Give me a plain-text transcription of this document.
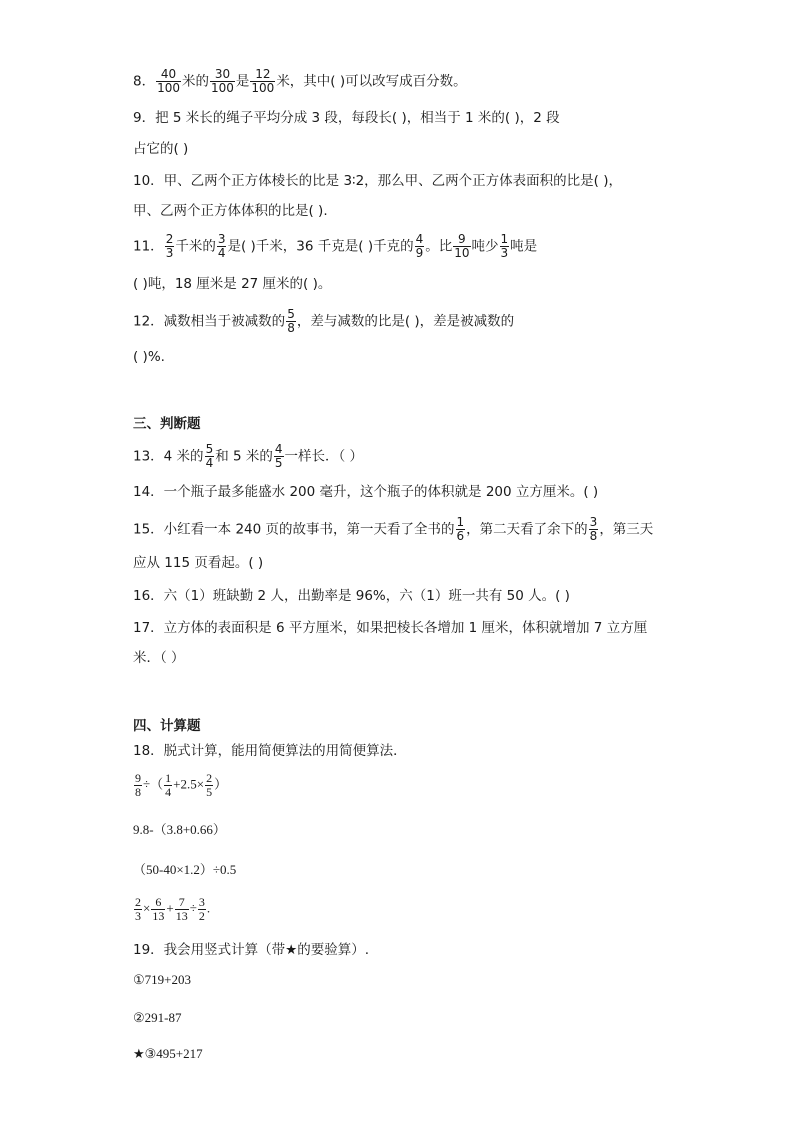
8． $\frac{40}{100}$ 米的 $\frac{30}{100}$ 是 $\frac{12}{100}$ 米，其中( )可以改写成百分数。
9．把 5 米长的绳子平均分成 3 段，每段长( )，相当于 1 米的( )，2 段
占它的( )
10．甲、乙两个正方体棱长的比是 3∶2，那么甲、乙两个正方体表面积的比是( )，
甲、乙两个正方体体积的比是( ).
11． $\frac{2}{3}$ 千米的 $\frac{3}{4}$ 是( )千米，36 千克是( )千克的 $\frac{4}{9}$ 。比 $\frac{9}{10}$ 吨少 $\frac{1}{3}$ 吨是
( )吨，18 厘米是 27 厘米的( )。
12．减数相当于被减数的 $\frac{5}{8}$ ，差与减数的比是( )，差是被减数的
( )%.
三、判断题
13．4 米的 $\frac{5}{4}$ 和 5 米的 $\frac{4}{5}$ 一样长．（ ）
14．一个瓶子最多能盛水 200 毫升，这个瓶子的体积就是 200 立方厘米。( )
15．小红看一本 240 页的故事书，第一天看了全书的 $\frac{1}{6}$ ，第二天看了余下的 $\frac{3}{8}$ ，第三天
应从 115 页看起。( )
16．六（1）班缺勤 2 人，出勤率是 96%，六（1）班一共有 50 人。( )
17．立方体的表面积是 6 平方厘米，如果把棱长各增加 1 厘米，体积就增加 7 立方厘
米．（ ）
四、计算题
18．脱式计算，能用简便算法的用简便算法．
$\frac{9}{8}$ ÷（ $\frac{1}{4} +2.5\times \frac{2}{5}$ ）
9.8-（3.8+0.66）
（50-40×1.2）÷0.5
$\frac{2}{3} \times \frac{6}{13} + \frac{7}{13} \div \frac{3}{2}$ .
19．我会用竖式计算（带★的要验算）.
①719+203
②291-87
★③495+217
